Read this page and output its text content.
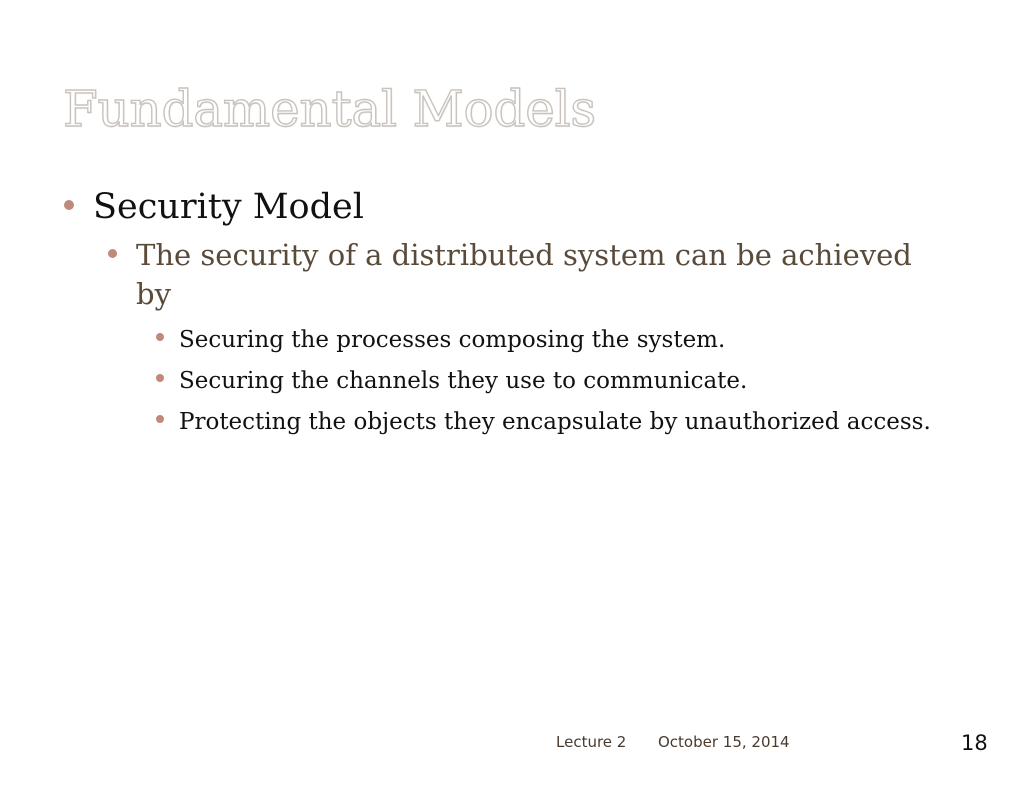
Fundamental Models
Security Model
The security of a distributed system can be achieved by
Securing the processes composing the system.
Securing the channels they use to communicate.
Protecting the objects they encapsulate by unauthorized access.
Lecture 2 October 15, 2014	18
